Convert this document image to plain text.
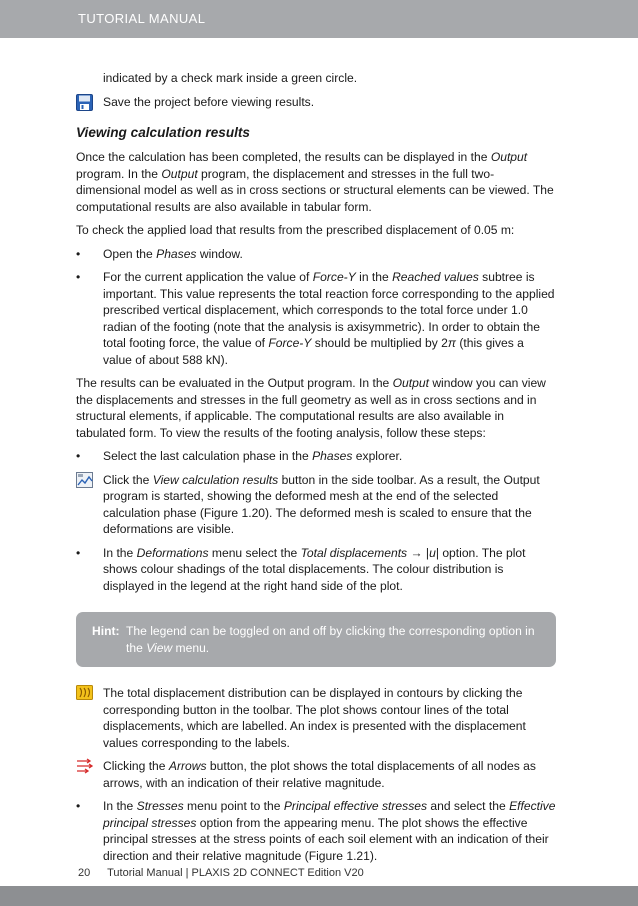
TUTORIAL MANUAL

indicated by a check mark inside a green circle.

Save the project before viewing results.
Viewing calculation results

Once the calculation has been completed, the results can be displayed in the Output program. In the Output program, the displacement and stresses in the full two-dimensional model as well as in cross sections or structural elements can be viewed. The computational results are also available in tabular form.

To check the applied load that results from the prescribed displacement of 0.05 m:

• Open the Phases window.
• For the current application the value of Force-Y in the Reached values subtree is important. This value represents the total reaction force corresponding to the applied prescribed vertical displacement, which corresponds to the total force under 1.0 radian of the footing (note that the analysis is axisymmetric). In order to obtain the total footing force, the value of Force-Y should be multiplied by 2π (this gives a value of about 588 kN).

The results can be evaluated in the Output program. In the Output window you can view the displacements and stresses in the full geometry as well as in cross sections and in structural elements, if applicable. The computational results are also available in tabulated form. To view the results of the footing analysis, follow these steps:

• Select the last calculation phase in the Phases explorer.
Click the View calculation results button in the side toolbar. As a result, the Output program is started, showing the deformed mesh at the end of the selected calculation phase (Figure 1.20). The deformed mesh is scaled to ensure that the deformations are visible.
• In the Deformations menu select the Total displacements → |u| option. The plot shows colour shadings of the total displacements. The colour distribution is displayed in the legend at the right hand side of the plot.
Hint: The legend can be toggled on and off by clicking the corresponding option in the View menu.
The total displacement distribution can be displayed in contours by clicking the corresponding button in the toolbar. The plot shows contour lines of the total displacements, which are labelled. An index is presented with the displacement values corresponding to the labels.
Clicking the Arrows button, the plot shows the total displacements of all nodes as arrows, with an indication of their relative magnitude.
• In the Stresses menu point to the Principal effective stresses and select the Effective principal stresses option from the appearing menu. The plot shows the effective principal stresses at the stress points of each soil element with an indication of their direction and their relative magnitude (Figure 1.21).
20 Tutorial Manual | PLAXIS 2D CONNECT Edition V20
